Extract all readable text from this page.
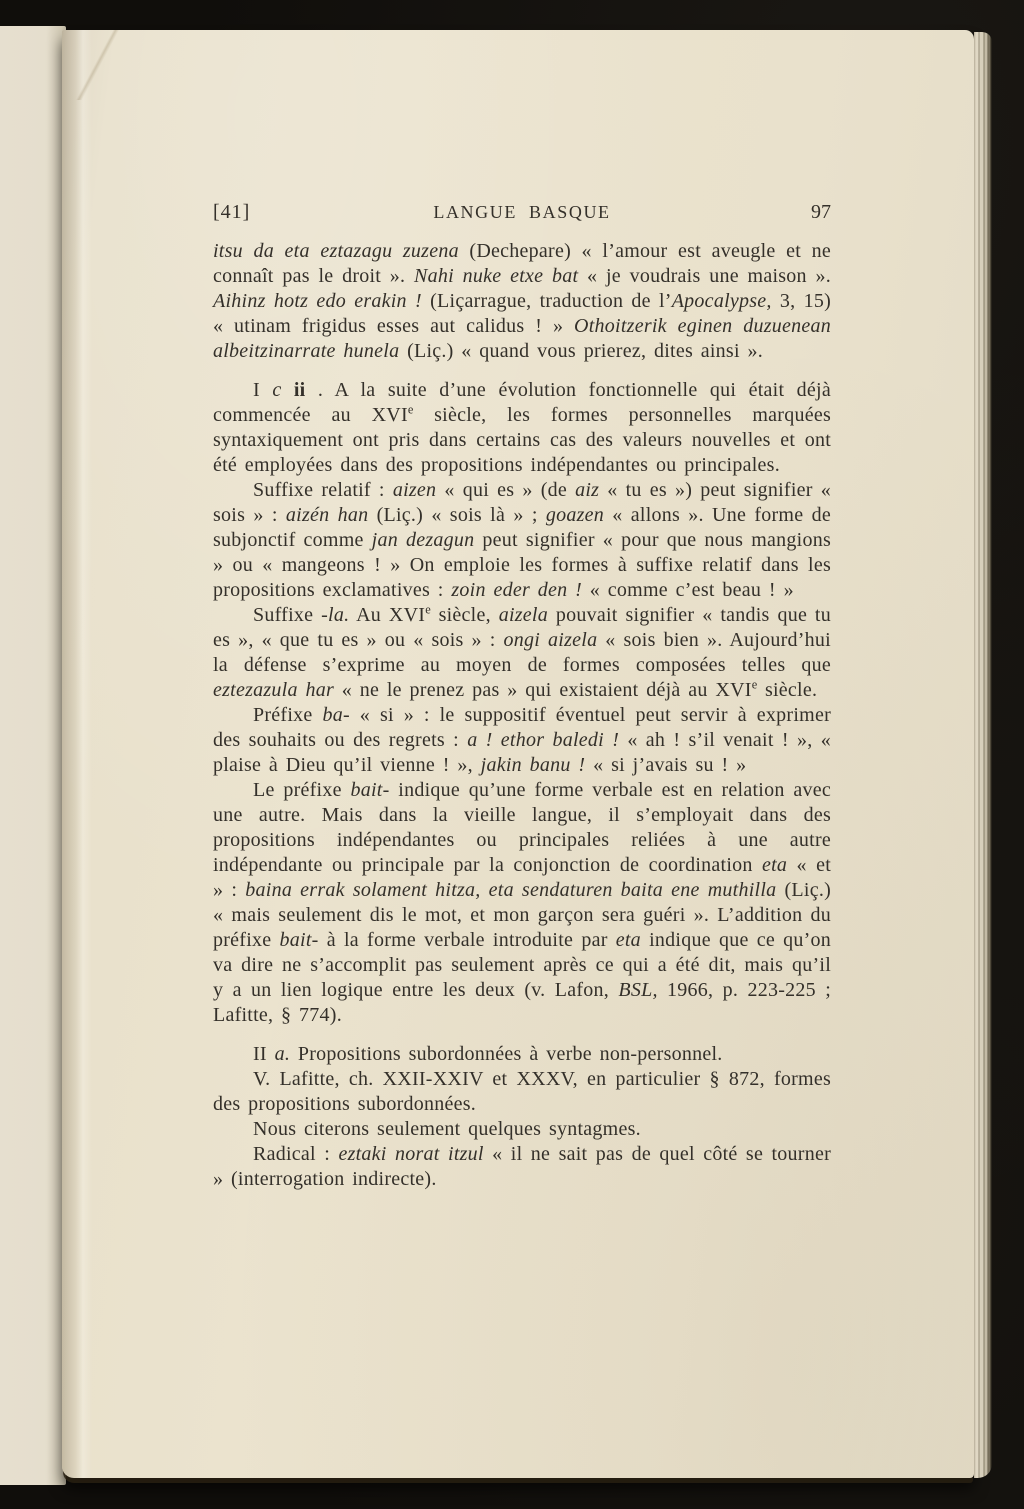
[41]	LANGUE BASQUE	97

itsu da eta eztazagu zuzena (Dechepare) « l’amour est aveugle et ne connaît pas le droit ». Nahi nuke etxe bat « je voudrais une maison ». Aihinz hotz edo erakin ! (Liçarrague, traduction de l’Apocalypse, 3, 15) « utinam frigidus esses aut calidus ! » Othoitzerik eginen duzuenean albeitzinarrate hunela (Liç.) « quand vous prierez, dites ainsi ».

I c ii . A la suite d’une évolution fonctionnelle qui était déjà commencée au XVIe siècle, les formes personnelles marquées syntaxiquement ont pris dans certains cas des valeurs nouvelles et ont été employées dans des propositions indépendantes ou principales.

Suffixe relatif : aizen « qui es » (de aiz « tu es ») peut signifier « sois » : aizén han (Liç.) « sois là » ; goazen « allons ». Une forme de subjonctif comme jan dezagun peut signifier « pour que nous mangions » ou « mangeons ! » On emploie les formes à suffixe relatif dans les propositions exclamatives : zoin eder den ! « comme c’est beau ! »

Suffixe -la. Au XVIe siècle, aizela pouvait signifier « tandis que tu es », « que tu es » ou « sois » : ongi aizela « sois bien ». Aujourd’hui la défense s’exprime au moyen de formes composées telles que eztezazula har « ne le prenez pas » qui existaient déjà au XVIe siècle.

Préfixe ba- « si » : le suppositif éventuel peut servir à exprimer des souhaits ou des regrets : a ! ethor baledi ! « ah ! s’il venait ! », « plaise à Dieu qu’il vienne ! », jakin banu ! « si j’avais su ! »

Le préfixe bait- indique qu’une forme verbale est en relation avec une autre. Mais dans la vieille langue, il s’employait dans des propositions indépendantes ou principales reliées à une autre indépendante ou principale par la conjonction de coordination eta « et » : baina errak solament hitza, eta sendaturen baita ene muthilla (Liç.) « mais seulement dis le mot, et mon garçon sera guéri ». L’addition du préfixe bait- à la forme verbale introduite par eta indique que ce qu’on va dire ne s’accomplit pas seulement après ce qui a été dit, mais qu’il y a un lien logique entre les deux (v. Lafon, BSL, 1966, p. 223-225 ; Lafitte, § 774).

II a. Propositions subordonnées à verbe non-personnel.

V. Lafitte, ch. XXII-XXIV et XXXV, en particulier § 872, formes des propositions subordonnées.

Nous citerons seulement quelques syntagmes.

Radical : eztaki norat itzul « il ne sait pas de quel côté se tourner » (interrogation indirecte).
